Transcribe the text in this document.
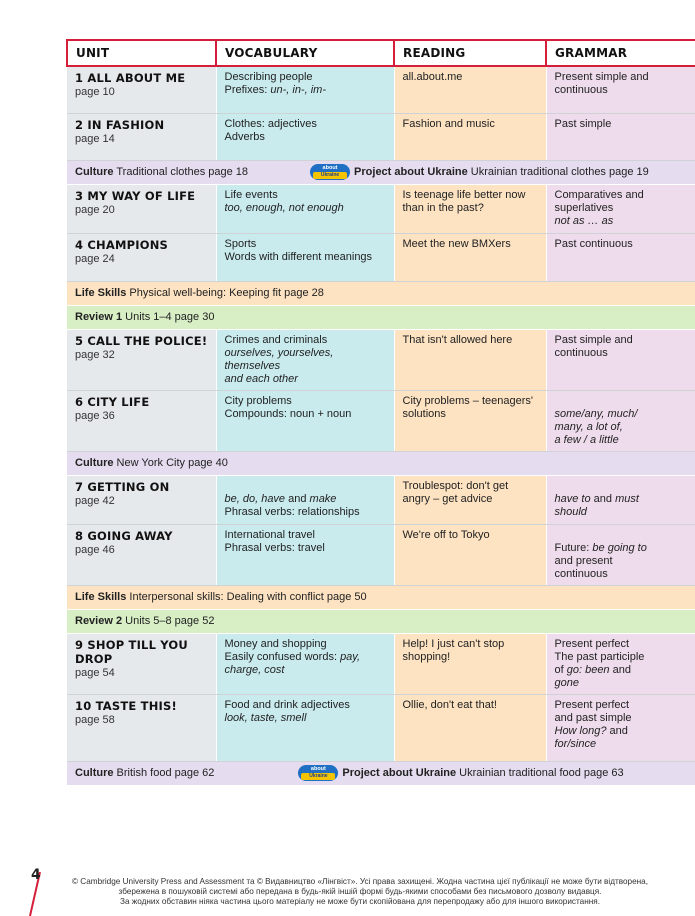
UNIT	VOCABULARY	READING	GRAMMAR

1 ALL ABOUT ME
page 10	Describing people
Prefixes: un-, in-, im-	all.about.me	Present simple and
continuous

2 IN FASHION
page 14	Clothes: adjectives
Adverbs	Fashion and music	Past simple

Culture Traditional clothes page 18 about
Ukraine Project about Ukraine Ukrainian traditional clothes page 19			

3 MY WAY OF LIFE
page 20	Life events
too, enough, not enough	Is teenage life better now
than in the past?	Comparatives and
superlatives
not as … as

4 CHAMPIONS
page 24	Sports
Words with different meanings	Meet the new BMXers	Past continuous

Life Skills Physical well-being: Keeping fit page 28			
Review 1 Units 1–4 page 30			

5 CALL THE POLICE!
page 32	Crimes and criminals
ourselves, yourselves, themselves
and each other	That isn't allowed here	Past simple and
continuous

6 CITY LIFE
page 36	City problems
Compounds: noun + noun	City problems – teenagers'
solutions	some/any, much/
many, a lot of,
a few / a little

Culture New York City page 40			

7 GETTING ON
page 42	be, do, have and make
Phrasal verbs: relationships	Troublespot: don't get
angry – get advice	have to and must
should

8 GOING AWAY
page 46	International travel
Phrasal verbs: travel	We're off to Tokyo	Future: be going to
and present
continuous

Life Skills Interpersonal skills: Dealing with conflict page 50			
Review 2 Units 5–8 page 52			

9 SHOP TILL YOU DROP
page 54	Money and shopping
Easily confused words: pay,
charge, cost	Help! I just can't stop
shopping!	Present perfect
The past participle
of go: been and
gone

10 TASTE THIS!
page 58	Food and drink adjectives
look, taste, smell	Ollie, don't eat that!	Present perfect
and past simple
How long? and
for/since

Culture British food page 62 about
Ukraine Project about Ukraine Ukrainian traditional food page 63			
4	© Cambridge University Press and Assessment та © Видавництво «Лінгвіст». Усі права захищені. Жодна частина цієї публікації не може бути відтворена,
збережена в пошуковій системі або передана в будь-якій іншій формі будь-якими способами без письмового дозволу видавця.
За жодних обставин ніяка частина цього матеріалу не може бути скопійована для перепродажу або для іншого використання.
